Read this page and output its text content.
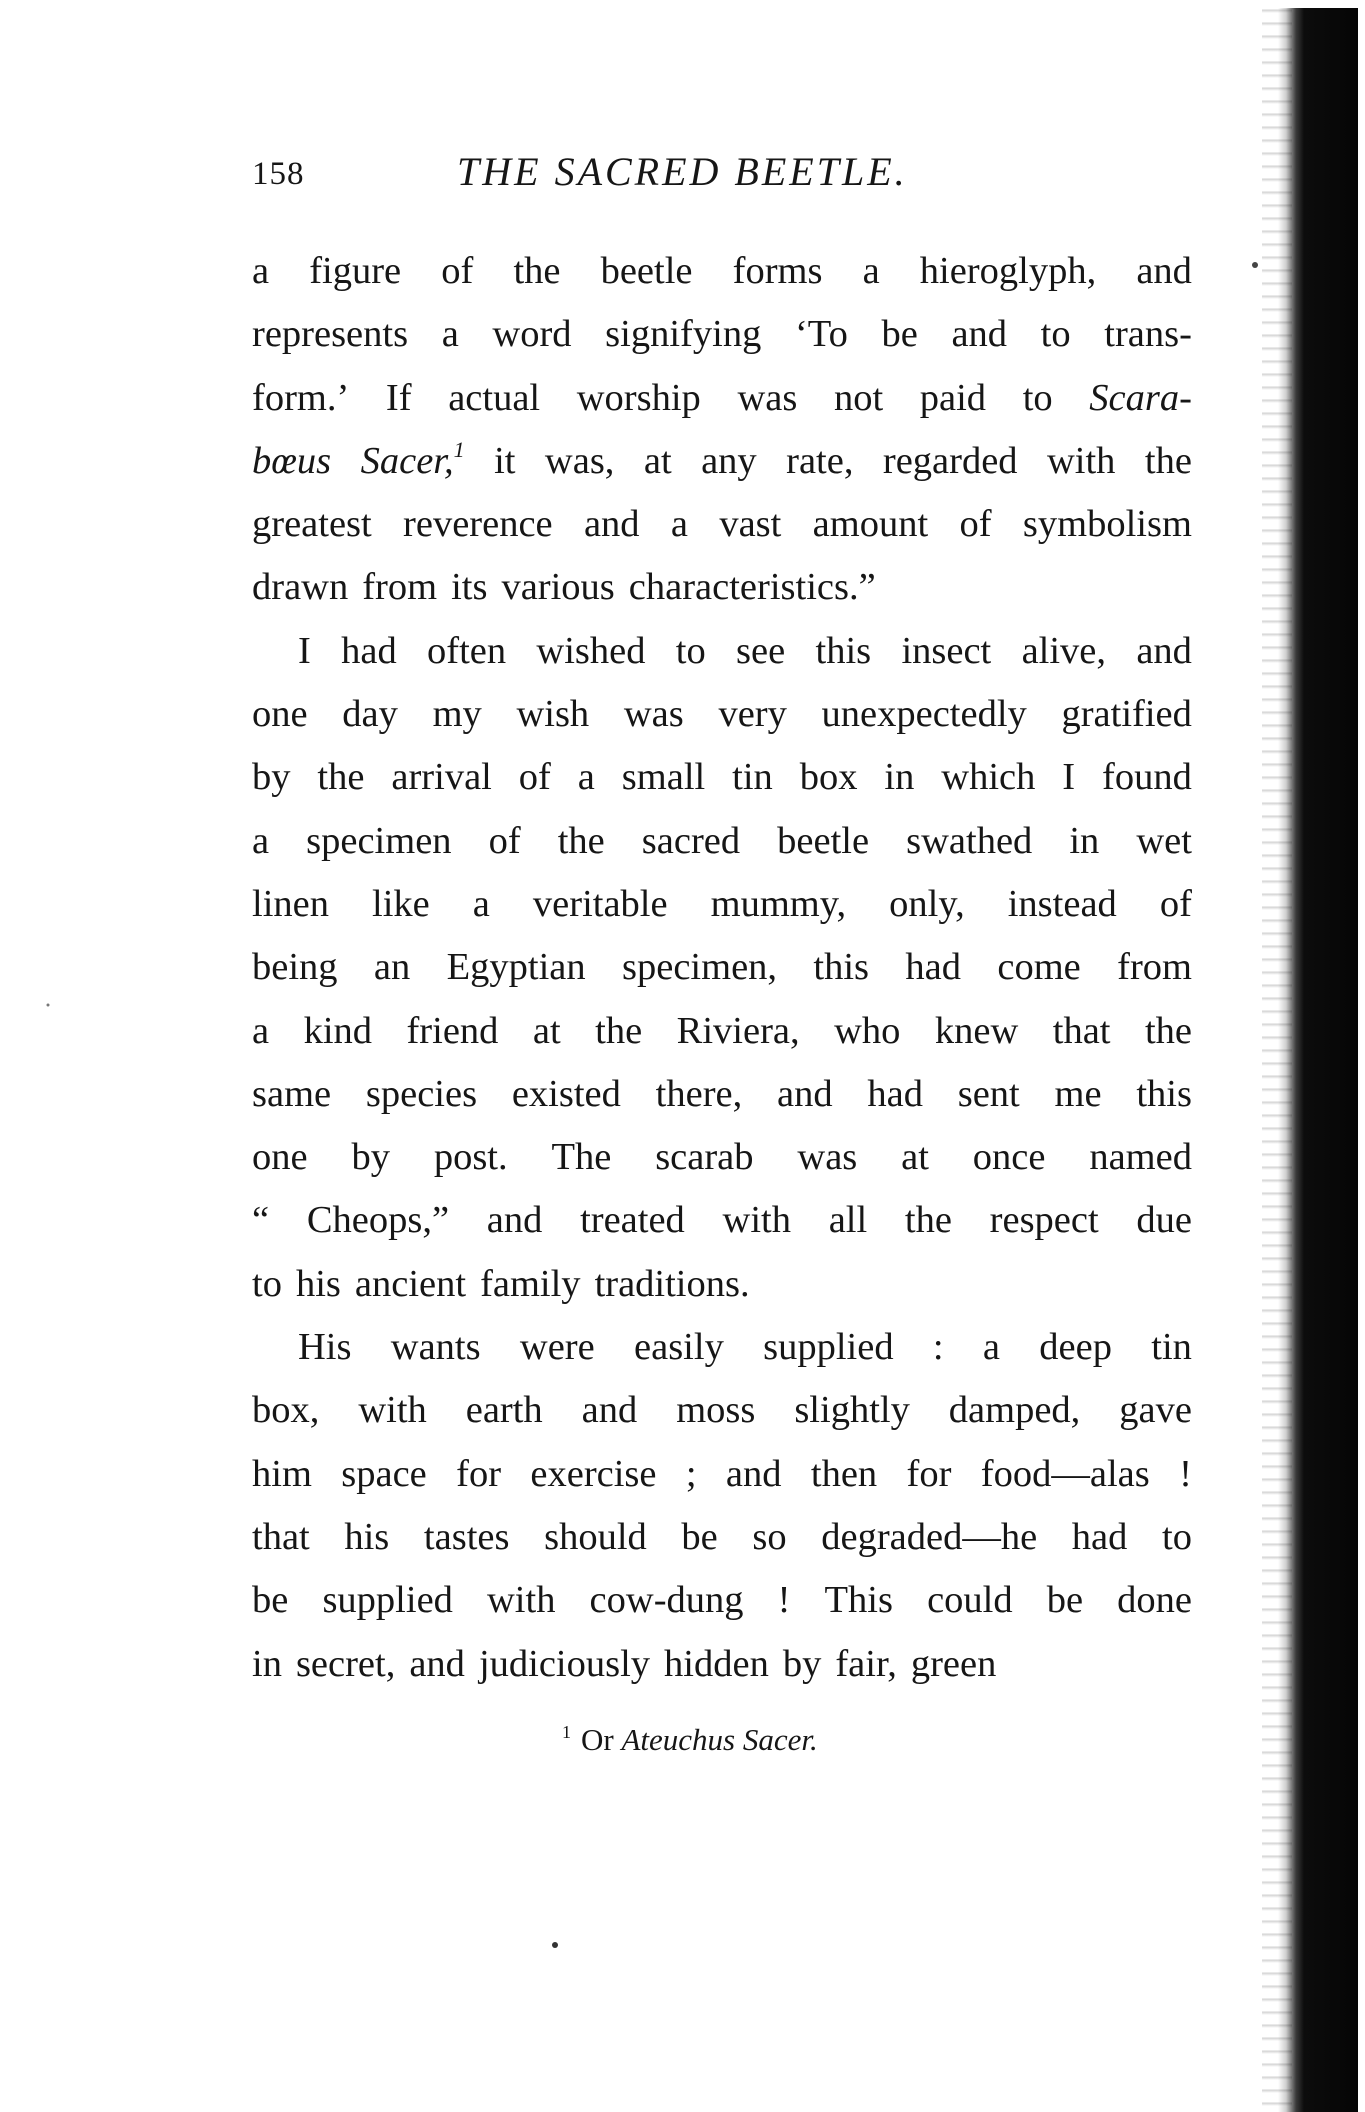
158	THE SACRED BEETLE.
a figure of the beetle forms a hieroglyph, and
represents a word signifying ‘To be and to trans-
form.’ If actual worship was not paid to Scara-
bœus Sacer,$^1$ it was, at any rate, regarded with the
greatest reverence and a vast amount of symbolism
drawn from its various characteristics.”
I had often wished to see this insect alive, and
one day my wish was very unexpectedly gratified
by the arrival of a small tin box in which I found
a specimen of the sacred beetle swathed in wet
linen like a veritable mummy, only, instead of
being an Egyptian specimen, this had come from
a kind friend at the Riviera, who knew that the
same species existed there, and had sent me this
one by post. The scarab was at once named
“ Cheops,” and treated with all the respect due
to his ancient family traditions.
His wants were easily supplied : a deep tin
box, with earth and moss slightly damped, gave
him space for exercise ; and then for food—alas !
that his tastes should be so degraded—he had to
be supplied with cow-dung ! This could be done
in secret, and judiciously hidden by fair, green
$^1$ Or Ateuchus Sacer.
